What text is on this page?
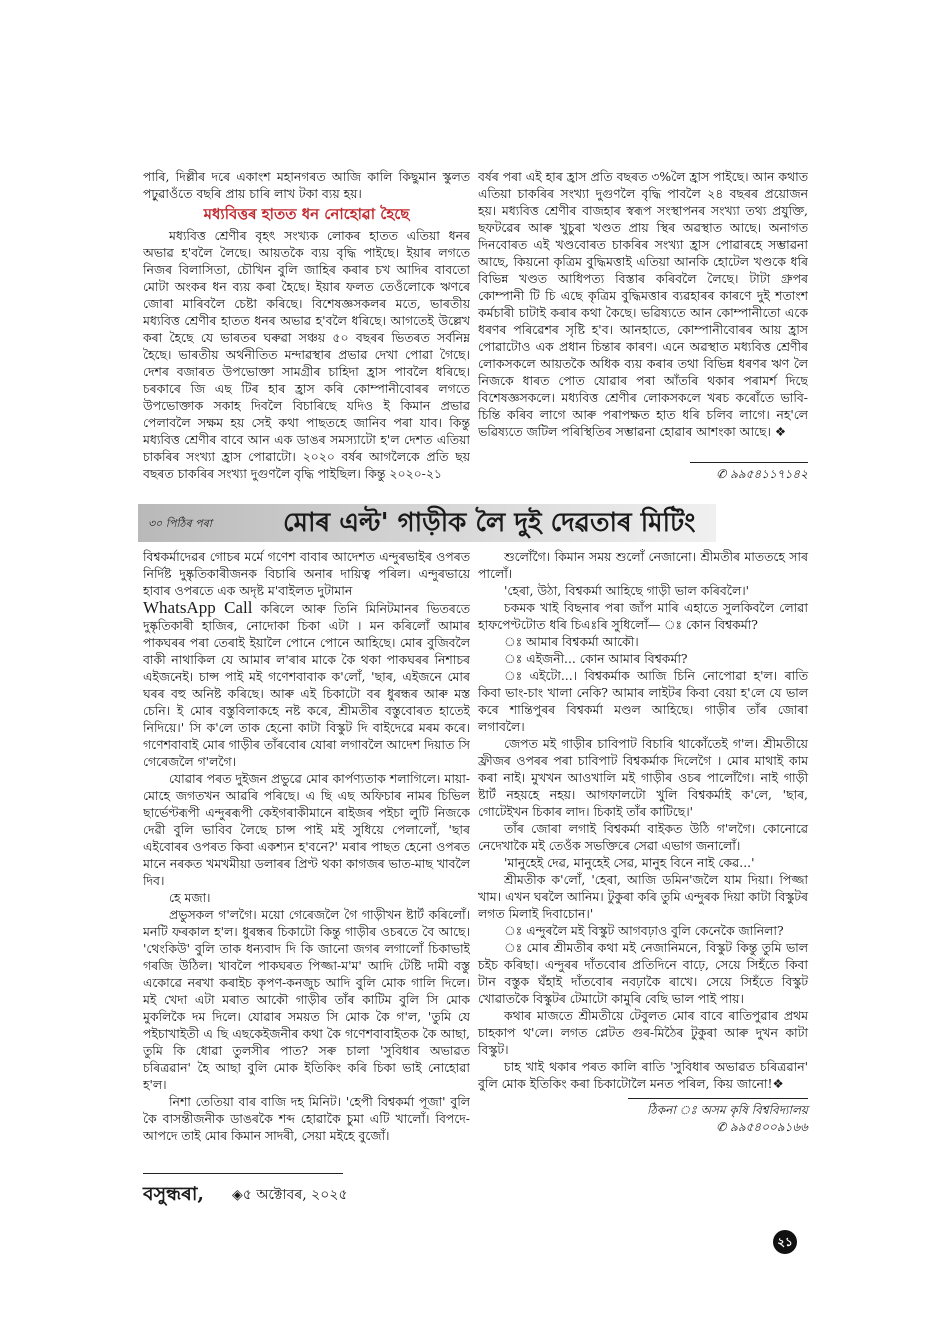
পাৰি, দিল্লীৰ দৰে একাংশ মহানগৰত আজি কালি কিছুমান স্কুলত পঢ়ুৱাওঁতে বছৰি প্ৰায় চাৰি লাখ টকা ব্যয় হয়।

মধ্যবিত্তৰ হাতত ধন নোহোৱা হৈছে

মধ্যবিত্ত শ্ৰেণীৰ বৃহৎ সংখ্যক লোকৰ হাতত এতিয়া ধনৰ অভাৱ হ'বলৈ লৈছে। আয়তকৈ ব্যয় বৃদ্ধি পাইছে। ইয়াৰ লগতে নিজৰ বিলাসিতা, চৌখিন বুলি জাহিৰ কৰাৰ চখ আদিৰ বাবতো মোটা অংকৰ ধন ব্যয় কৰা হৈছে। ইয়াৰ ফলত তেওঁলোকে ঋণৰে জোৰা মাৰিবলৈ চেষ্টা কৰিছে। বিশেষজ্ঞসকলৰ মতে, ভাৰতীয় মধ্যবিত্ত শ্ৰেণীৰ হাতত ধনৰ অভাৱ হ'বলৈ ধৰিছে। আগতেই উল্লেখ কৰা হৈছে যে ভাৰতৰ ঘৰুৱা সঞ্চয় ৫০ বছৰৰ ভিতৰত সৰ্বনিম্ন হৈছে। ভাৰতীয় অৰ্থনীতিত মন্দাৱস্থাৰ প্ৰভাৱ দেখা পোৱা গৈছে। দেশৰ বজাৰত উপভোক্তা সামগ্ৰীৰ চাহিদা হ্ৰাস পাবলৈ ধৰিছে। চৰকাৰে জি এছ টিৰ হাৰ হ্ৰাস কৰি কোম্পানীবোৰৰ লগতে উপভোক্তাক সকাহ দিবলৈ বিচাৰিছে যদিও ই কিমান প্ৰভাৱ পেলাবলৈ সক্ষম হয় সেই কথা পাছতহে জানিব পৰা যাব। কিন্তু মধ্যবিত্ত শ্ৰেণীৰ বাবে আন এক ডাঙৰ সমস্যাটো হ'ল দেশত এতিয়া চাকৰিৰ সংখ্যা হ্ৰাস পোৱাটো। ২০২০ বৰ্ষৰ আগলৈকে প্ৰতি ছয় বছৰত চাকৰিৰ সংখ্যা দুগুণলৈ বৃদ্ধি পাইছিল। কিন্তু ২০২০-২১

বৰ্ষৰ পৰা এই হাৰ হ্ৰাস প্ৰতি বছৰত ৩%লৈ হ্ৰাস পাইছে। আন কথাত এতিয়া চাকৰিৰ সংখ্যা দুগুণলৈ বৃদ্ধি পাবলৈ ২৪ বছৰৰ প্ৰয়োজন হয়। মধ্যবিত্ত শ্ৰেণীৰ বাজহাৰ স্বৰূপ সংস্থাপনৰ সংখ্যা তথ্য প্ৰযুক্তি, ছফটৱেৰ আৰু খুচুৰা খণ্ডত প্ৰায় স্থিৰ অৱস্থাত আছে। অনাগত দিনবোৰত এই খণ্ডবোৰত চাকৰিৰ সংখ্যা হ্ৰাস পোৱাৰহে সম্ভাৱনা আছে, কিয়নো কৃত্ৰিম বুদ্ধিমত্তাই এতিয়া আনকি হোটেল খণ্ডকে ধৰি বিভিন্ন খণ্ডত আধিপত্য বিস্তাৰ কৰিবলৈ লৈছে। টাটা গ্ৰুপৰ কোম্পানী টি চি এছে কৃত্ৰিম বুদ্ধিমত্তাৰ ব্যৱহাৰৰ কাৰণে দুই শতাংশ কৰ্মচাৰী চাটাই কৰাৰ কথা কৈছে। ভৱিষ্যতে আন কোম্পানীতো একে ধৰণৰ পৰিৱেশৰ সৃষ্টি হ'ব। আনহাতে, কোম্পানীবোৰৰ আয় হ্ৰাস পোৱাটোও এক প্ৰধান চিন্তাৰ কাৰণ। এনে অৱস্থাত মধ্যবিত্ত শ্ৰেণীৰ লোকসকলে আয়তকৈ অধিক ব্যয় কৰাৰ তথা বিভিন্ন ধৰণৰ ঋণ লৈ নিজকে ধাৰত পোত যোৱাৰ পৰা আঁতৰি থকাৰ পৰামৰ্শ দিছে বিশেষজ্ঞসকলে। মধ্যবিত্ত শ্ৰেণীৰ লোকসকলে খৰচ কৰোঁতে ভাবি-চিন্তি কৰিব লাগে আৰু পৰাপক্ষত হাত ধৰি চলিব লাগে। নহ'লে ভৱিষ্যতে জটিল পৰিস্থিতিৰ সম্ভাৱনা হোৱাৰ আশংকা আছে। ❖

✆ ৯৯৫৪১১৭১৪২
৩০ পিঠিৰ পৰা	মোৰ এল্ট' গাড়ীক লৈ দুই দেৱতাৰ মিটিং

বিশ্বকৰ্মাদেৱৰ গোচৰ মৰ্মে গণেশ বাবাৰ আদেশত এন্দুৰভাইৰ ওপৰত নিৰ্দিষ্ট দুষ্কৃতিকাৰীজনক বিচাৰি অনাৰ দায়িত্ব পৰিল। এন্দুৰভায়ে হাবাৰ ওপৰতে এক অদৃষ্ট ম'বাইলত দুটামান
WhatsApp Call কৰিলে আৰু তিনি মিনিটমানৰ ভিতৰতে দুষ্কৃতিকাৰী হাজিৰ, নোদোকা চিকা এটা । মন কৰিলোঁ আমাৰ পাকঘৰৰ পৰা তেৰাই ইয়ালৈ পোনে পোনে আহিছে। মোৰ বুজিবলৈ বাকী নাথাকিল যে আমাৰ ল'ৰাৰ মাকে কৈ থকা পাকঘৰৰ নিশাচৰ এইজনেই। চান্স পাই মই গণেশবাবাক ক'লোঁ, 'ছাৰ, এইজনে মোৰ ঘৰৰ বহু অনিষ্ট কৰিছে। আৰু এই চিকাটো বৰ ধুৰন্ধৰ আৰু মস্ত চেনি। ই মোৰ বস্তুবিলাকহে নষ্ট কৰে, শ্ৰীমতীৰ বস্তুবোৰত হাতেই নিদিয়ে।' সি ক'লে তাক হেনো কাটা বিস্কুট দি বাইদেৱে মৰম কৰে। গণেশবাবাই মোৰ গাড়ীৰ তাঁৰবোৰ যোৰা লগাবলৈ আদেশ দিয়াত সি গেৰেজলৈ গ'লগৈ।

যোৱাৰ পৰত দুইজন প্ৰভুৱে মোৰ কাৰ্পণ্যতাক শলাগিলে। মায়া-মোহে জগতখন আৱৰি পৰিছে। এ ছি এছ অফিচাৰ নামৰ চিভিল ছাৰ্ভেণ্টৰূপী এন্দুৰৰূপী কেইগৰাকীমানে ৰাইজৰ পইচা লুটি নিজকে দেৱী বুলি ভাবিব লৈছে চান্স পাই মই সুধিয়ে পেলালোঁ, 'ছাৰ এইবোৰৰ ওপৰত কিবা একশ্যন হ'বনে?' মৰাৰ পাছত হেনো ওপৰত মানে নৰকত খমখমীয়া ডলাৰৰ প্ৰিণ্ট থকা কাগজৰ ভাত-মাছ খাবলৈ দিব।

হে মজা।

প্ৰভুসকল গ'লগৈ। ময়ো গেৰেজলৈ গৈ গাড়ীখন ষ্টাৰ্ট কৰিলোঁ। মনটি ফৰকাল হ'ল। ধুৰন্ধৰ চিকাটো কিন্তু গাড়ীৰ ওচৰতে বৈ আছে। 'থেংকিউ' বুলি তাক ধন্যবাদ দি কি জানো জগৰ লগালোঁ চিকাভাই গৰজি উঠিল। খাবলৈ পাকঘৰত পিজ্জা-ম'ম' আদি টেষ্টি দামী বস্তু একোৱে নৰখা কৰাইচ কৃপণ-কনজুচ আদি বুলি মোক গালি দিলে। মই খেদা এটা মৰাত আকৌ গাড়ীৰ তাঁৰ কাটিম বুলি সি মোক মুকলিকৈ দম দিলে। যোৱাৰ সময়ত সি মোক কৈ গ'ল, 'তুমি যে পইচাখাইতী এ ছি এছকেইজনীৰ কথা কৈ গণেশবাবাইতক কৈ আছা, তুমি কি ধোৱা তুলসীৰ পাত? সৰু চালা 'সুবিধাৰ অভাৱত চৰিত্ৰৱান' হৈ আছা বুলি মোক ইতিকিং কৰি চিকা ভাই নোহোৱা হ'ল।

নিশা তেতিয়া বাৰ বাজি দহ মিনিট। 'হেপী বিশ্বকৰ্মা পূজা' বুলি কৈ বাসন্তীজনীক ডাঙৰকৈ শব্দ হোৱাকৈ চুমা এটি খালোঁ। বিপদে-আপদে তাই মোৰ কিমান সাদৰী, সেয়া মইহে বুজোঁ।

শুলোঁগৈ। কিমান সময় শুলোঁ নেজানো। শ্ৰীমতীৰ মাততহে সাৰ পালোঁ।

'হেৰা, উঠা, বিশ্বকৰ্মা আহিছে গাড়ী ভাল কৰিবলৈ।'

চকমক খাই বিছনাৰ পৰা জাঁপ মাৰি এহাতে সুলকিবলৈ লোৱা হাফপেণ্টটোত ধৰি চিএঃৰি সুধিলোঁ— ঃ কোন বিশ্বকৰ্মা?

ঃ আমাৰ বিশ্বকৰ্মা আকৌ।

ঃ এইজনী... কোন আমাৰ বিশ্বকৰ্মা?

ঃ এইটো...। বিশ্বকৰ্মাক আজি চিনি নোপোৱা হ'ল। ৰাতি কিবা ভাং-চাং খালা নেকি? আমাৰ লাইটৰ কিবা বেয়া হ'লে যে ভাল কৰে শান্তিপুৰৰ বিশ্বকৰ্মা মণ্ডল আহিছে। গাড়ীৰ তাঁৰ জোৰা লগাবলৈ।

জেপত মই গাড়ীৰ চাবিপাট বিচাৰি থাকোঁতেই গ'ল। শ্ৰীমতীয়ে ফ্ৰীজৰ ওপৰৰ পৰা চাবিপাট বিশ্বকৰ্মাক দিলেগৈ । মোৰ মাথাই কাম কৰা নাই। মুখখন আওখালি মই গাড়ীৰ ওচৰ পালোঁগৈ। নাই গাড়ী ষ্টাৰ্ট নহয়হে নহয়। আগফালটো খুলি বিশ্বকৰ্মাই ক'লে, 'ছাৰ, গোটেইখন চিকাৰ লাদ। চিকাই তাঁৰ কাটিছে।'

তাঁৰ জোৰা লগাই বিশ্বকৰ্মা বাইকত উঠি গ'লগৈ। কোনোৱে নেদেখাকৈ মই তেওঁক সভক্তিৰে সেৱা এভাগ জনালোঁ।

'মানুহেই দেৱ, মানুহেই সেৱ, মানুহ বিনে নাই কেৱ...'

শ্ৰীমতীক ক'লোঁ, 'হেৰা, আজি ডমিন'জলৈ যাম দিয়া। পিজ্জা খাম। এখন ঘৰলৈ আনিম। টুকুৰা কৰি তুমি এন্দুৰক দিয়া কাটা বিস্কুটৰ লগত মিলাই দিবাচোন।'

ঃ এন্দুৰলৈ মই বিস্কুট আগবঢ়াও বুলি কেনেকৈ জানিলা?

ঃ মোৰ শ্ৰীমতীৰ কথা মই নেজানিমনে, বিস্কুট কিন্তু তুমি ভাল চইচ কৰিছা। এন্দুৰৰ দাঁতবোৰ প্ৰতিদিনে বাঢ়ে, সেয়ে সিহঁতে কিবা টান বস্তুক ঘঁহাই দাঁতবোৰ নবঢ়াকৈ ৰাখে। সেয়ে সিহঁতে বিস্কুট খোৱাতকৈ বিস্কুটৰ টেমাটো কামুৰি বেছি ভাল পাই পায়।

কথাৰ মাজতে শ্ৰীমতীয়ে টেবুলত মোৰ বাবে ৰাতিপুৱাৰ প্ৰথম চাহকাপ থ'লে। লগত প্লেটত গুৰ-মিঠৈৰ টুকুৰা আৰু দুখন কাটা বিস্কুট।

চাহ খাই থকাৰ পৰত কালি ৰাতি 'সুবিধাৰ অভাৱত চৰিত্ৰৱান' বুলি মোক ইতিকিং কৰা চিকাটোলৈ মনত পৰিল, কিয় জানো!❖

ঠিকনা ঃ অসম কৃষি বিশ্ববিদ্যালয়
✆ ৯৯৫৪০০৯১৬৬
বসুন্ধৰা, ◈৫ অক্টোবৰ, ২০২৫
২১
